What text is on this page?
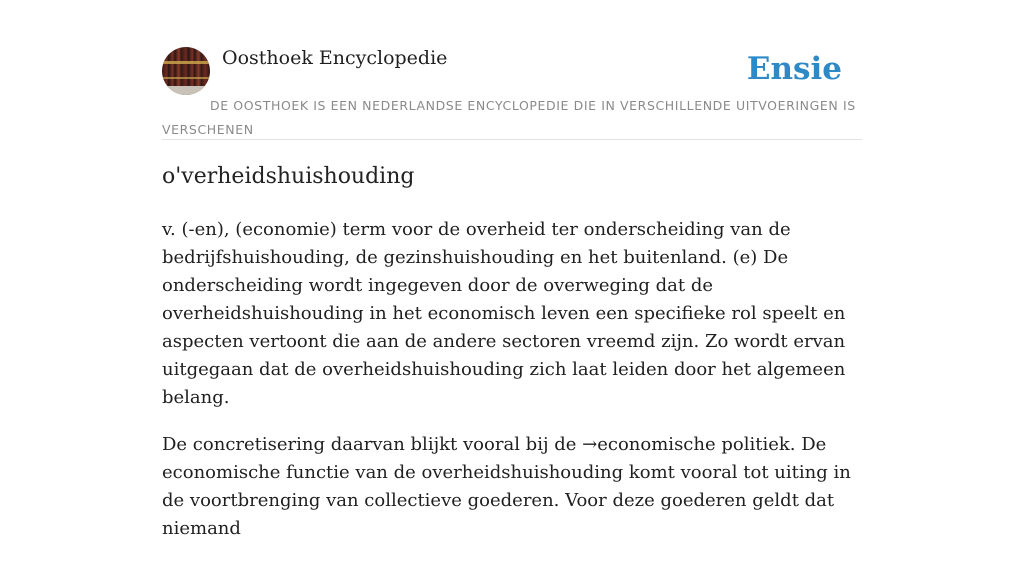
Oosthoek Encyclopedie	Ensie
DE OOSTHOEK IS EEN NEDERLANDSE ENCYCLOPEDIE DIE IN VERSCHILLENDE UITVOERINGEN IS VERSCHENEN
o'verheidshuishouding

v. (-en), (economie) term voor de overheid ter onderscheiding van de bedrijfshuishouding, de gezinshuishouding en het buitenland. (e) De onderscheiding wordt ingegeven door de overweging dat de overheidshuishouding in het economisch leven een specifieke rol speelt en aspecten vertoont die aan de andere sectoren vreemd zijn. Zo wordt ervan uitgegaan dat de overheidshuishouding zich laat leiden door het algemeen belang.

De concretisering daarvan blijkt vooral bij de →economische politiek. De economische functie van de overheidshuishouding komt vooral tot uiting in de voortbrenging van collectieve goederen. Voor deze goederen geldt dat niemand
